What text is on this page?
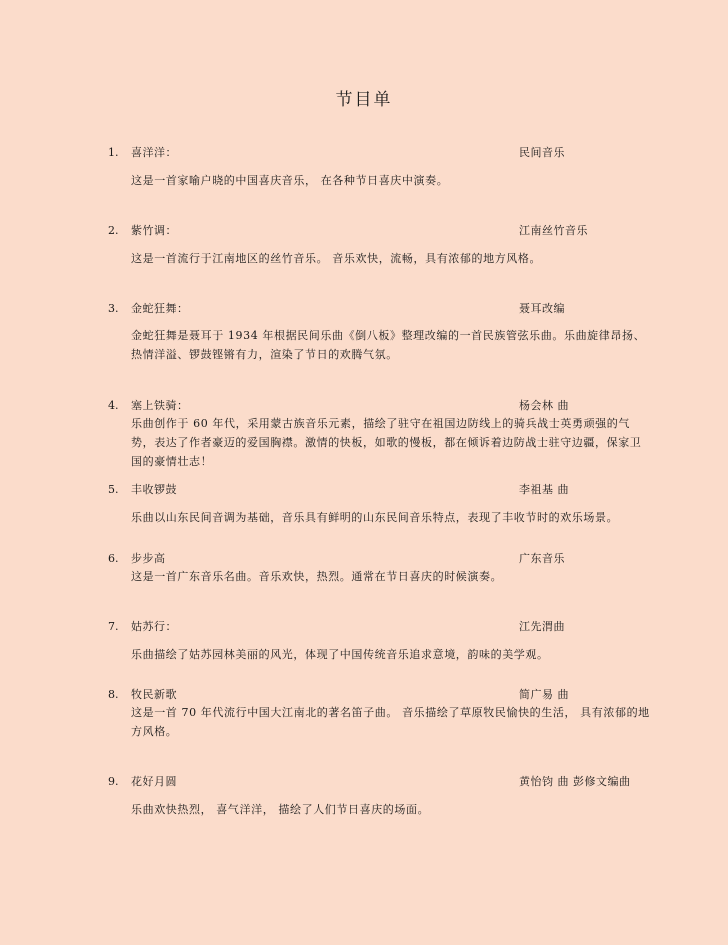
节目单
1. 喜洋洋：	民间音乐
这是一首家喻户晓的中国喜庆音乐， 在各种节日喜庆中演奏。
2. 紫竹调：	江南丝竹音乐
这是一首流行于江南地区的丝竹音乐。 音乐欢快，流畅，具有浓郁的地方风格。
3. 金蛇狂舞：	聂耳改编
金蛇狂舞是聂耳于 1934 年根据民间乐曲《倒八板》整理改编的一首民族管弦乐曲。乐曲旋律昂扬、热情洋溢、锣鼓铿锵有力，渲染了节日的欢腾气氛。
4. 塞上铁骑：	杨会林 曲
乐曲创作于 60 年代，采用蒙古族音乐元素，描绘了驻守在祖国边防线上的骑兵战士英勇顽强的气势，表达了作者豪迈的爱国胸襟。激情的快板，如歌的慢板，都在倾诉着边防战士驻守边疆，保家卫国的豪情壮志！
5. 丰收锣鼓	李祖基 曲
乐曲以山东民间音调为基础，音乐具有鲜明的山东民间音乐特点，表现了丰收节时的欢乐场景。
6. 步步高	广东音乐
这是一首广东音乐名曲。音乐欢快，热烈。通常在节日喜庆的时候演奏。
7. 姑苏行：	江先渭曲
乐曲描绘了姑苏园林美丽的风光，体现了中国传统音乐追求意境，韵味的美学观。
8. 牧民新歌	简广易 曲
这是一首 70 年代流行中国大江南北的著名笛子曲。 音乐描绘了草原牧民愉快的生活， 具有浓郁的地方风格。
9. 花好月圆	黄怡钧 曲 彭修文编曲
乐曲欢快热烈， 喜气洋洋， 描绘了人们节日喜庆的场面。
